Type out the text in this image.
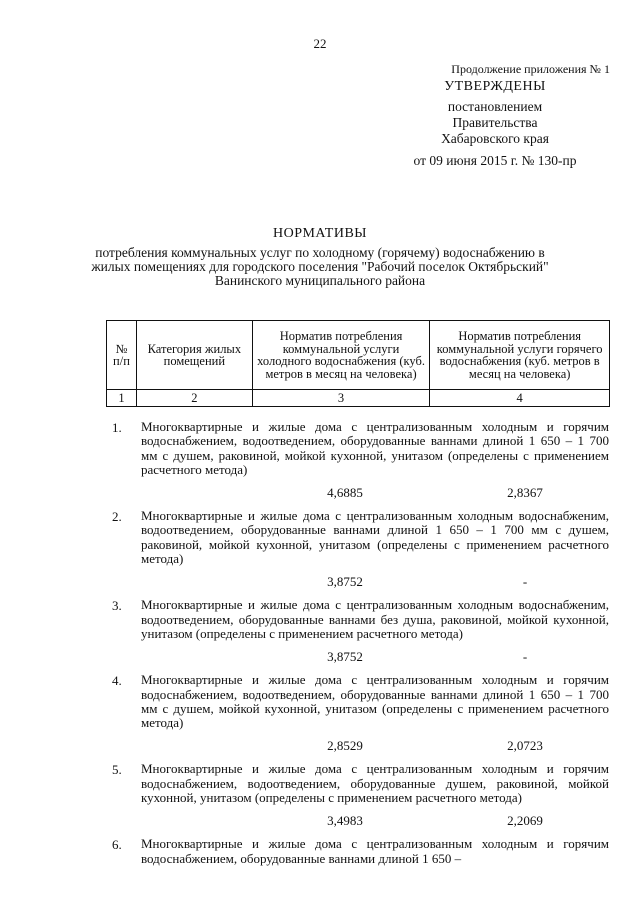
22
Продолжение приложения № 1
УТВЕРЖДЕНЫ
постановлением
Правительства
Хабаровского края
от 09 июня 2015 г. № 130-пр
НОРМАТИВЫ
потребления коммунальных услуг по холодному (горячему) водоснабжению в жилых помещениях для городского поселения "Рабочий поселок Октябрьский" Ванинского муниципального района
№ п/п	Категория жилых помещений	Норматив потребления коммунальной услуги холодного водоснабжения (куб. метров в месяц на человека)	Норматив потребления коммунальной услуги горячего водоснабжения (куб. метров в месяц на человека)
1	2	3	4
1.	Многоквартирные и жилые дома с централизованным холодным и горячим водоснабжением, водоотведением, оборудованные ваннами длиной 1 650 – 1 700 мм с душем, раковиной, мойкой кухонной, унитазом (определены с применением расчетного метода)
4,6885	2,8367
2.	Многоквартирные и жилые дома с централизованным холодным водоснабженим, водоотведением, оборудованные ваннами длиной 1 650 – 1 700 мм с душем, раковиной, мойкой кухонной, унитазом (определены с применением расчетного метода)
3,8752	-
3.	Многоквартирные и жилые дома с централизованным холодным водоснабженим, водоотведением, оборудованные ваннами без душа, раковиной, мойкой кухонной, унитазом (определены с применением расчетного метода)
3,8752	-
4.	Многоквартирные и жилые дома с централизованным холодным и горячим водоснабжением, водоотведением, оборудованные ваннами длиной 1 650 – 1 700 мм с душем, мойкой кухонной, унитазом (определены с применением расчетного метода)
2,8529	2,0723
5.	Многоквартирные и жилые дома с централизованным холодным и горячим водоснабжением, водоотведением, оборудованные душем, раковиной, мойкой кухонной, унитазом (определены с применением расчетного метода)
3,4983	2,2069
6.	Многоквартирные и жилые дома с централизованным холодным и горячим водоснабжением, оборудованные ваннами длиной 1 650 –
